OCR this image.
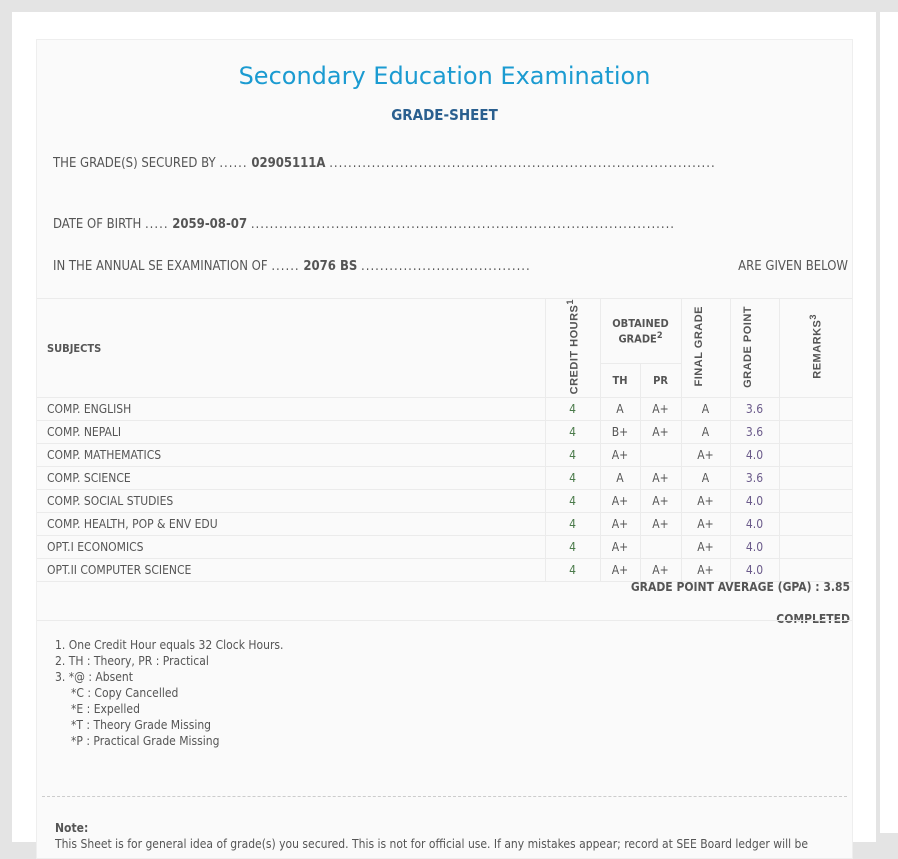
Secondary Education Examination
GRADE-SHEET
THE GRADE(S) SECURED BY ...... 02905111A ..................................................................................
DATE OF BIRTH ..... 2059-08-07 ..........................................................................................
IN THE ANNUAL SE EXAMINATION OF ...... 2076 BS ....................................	ARE GIVEN BELOW
SUBJECTS	CREDIT HOURS$^1$	OBTAINED GRADE$^2$		FINAL GRADE	GRADE POINT	REMARKS$^3$
		TH	PR			
COMP. ENGLISH	4	A	A+	A	3.6	
COMP. NEPALI	4	B+	A+	A	3.6	
COMP. MATHEMATICS	4	A+		A+	4.0	
COMP. SCIENCE	4	A	A+	A	3.6	
COMP. SOCIAL STUDIES	4	A+	A+	A+	4.0	
COMP. HEALTH, POP & ENV EDU	4	A+	A+	A+	4.0	
OPT.I ECONOMICS	4	A+		A+	4.0	
OPT.II COMPUTER SCIENCE	4	A+	A+	A+	4.0	
GRADE POINT AVERAGE (GPA) : 3.85
COMPLETED
1. One Credit Hour equals 32 Clock Hours.
2. TH : Theory, PR : Practical
3. *@ : Absent
*C : Copy Cancelled
*E : Expelled
*T : Theory Grade Missing
*P : Practical Grade Missing
Note:
This Sheet is for general idea of grade(s) you secured. This is not for official use. If any mistakes appear; record at SEE Board ledger will be
